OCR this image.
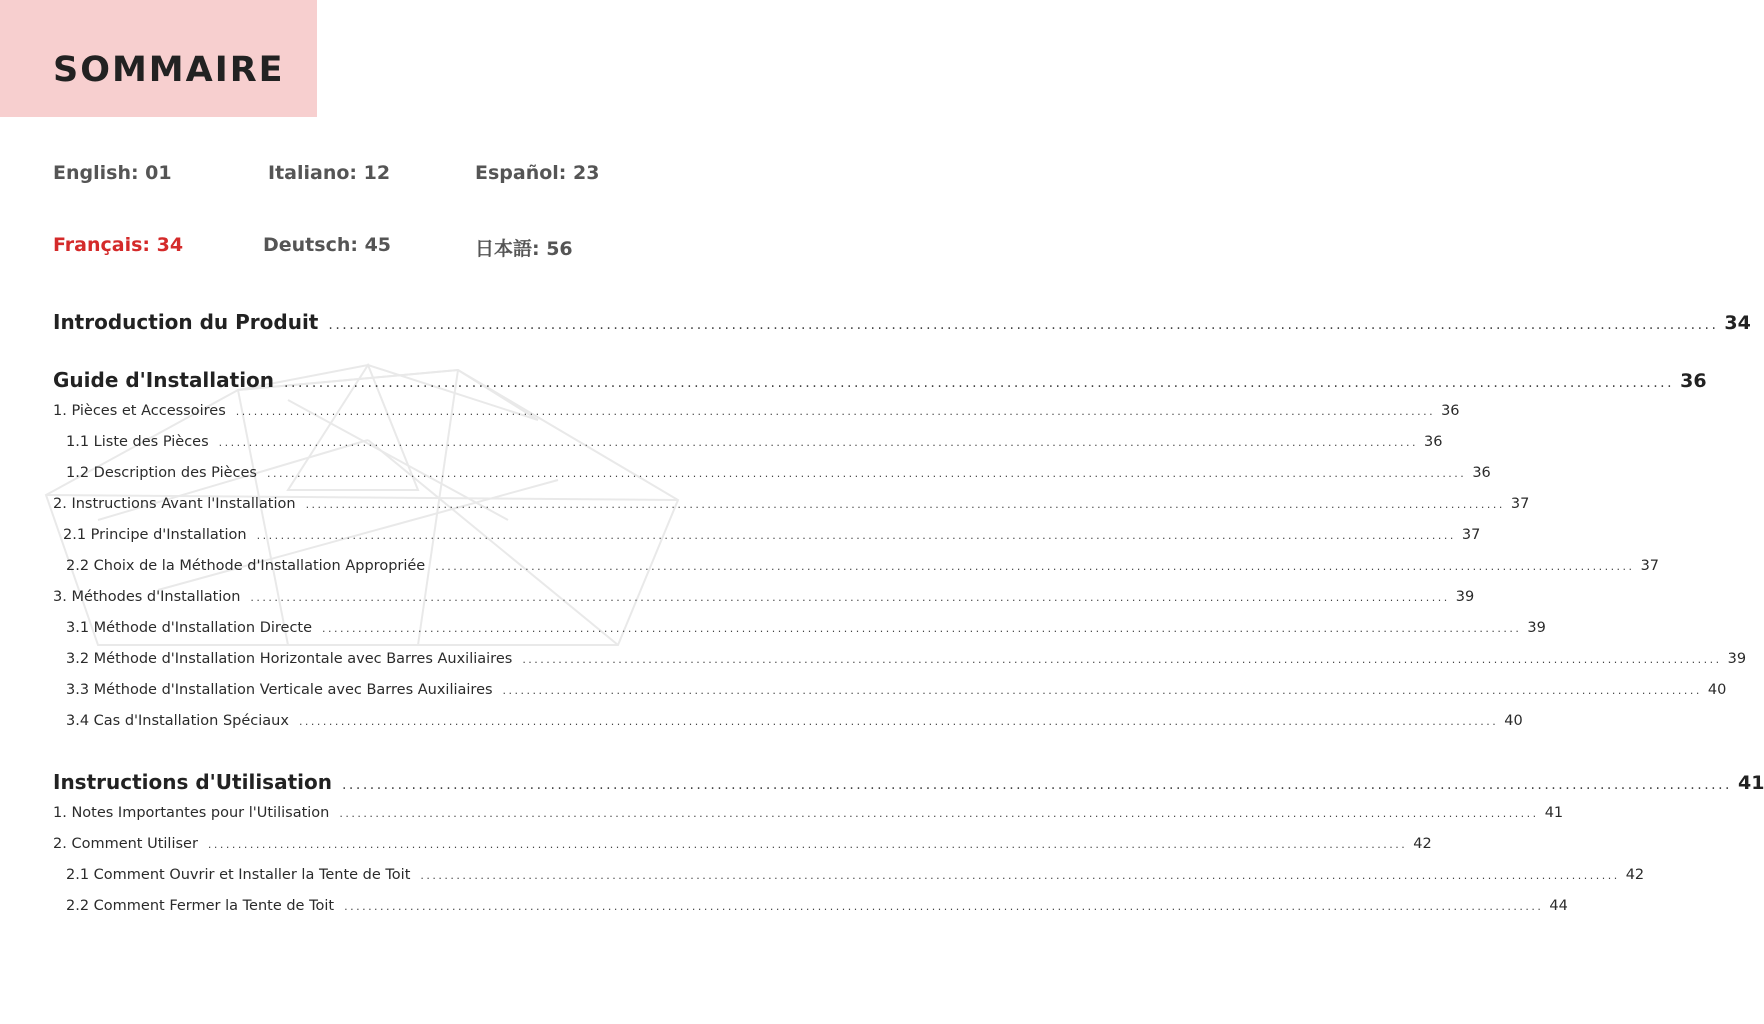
SOMMAIRE
English: 01	Italiano: 12	Español: 23
Français: 34	Deutsch: 45	日本語: 56
Introduction du Produit ........................................................................................................................................................................................................ 34
Guide d'Installation ........................................................................................................................................................................................................ 36
1. Pièces et Accessoires ........................................................................................................................................................................................................ 36
1.1 Liste des Pièces ........................................................................................................................................................................................................ 36
1.2 Description des Pièces ........................................................................................................................................................................................................ 36
2. Instructions Avant l'Installation ........................................................................................................................................................................................................ 37
2.1 Principe d'Installation ........................................................................................................................................................................................................ 37
2.2 Choix de la Méthode d'Installation Appropriée ........................................................................................................................................................................................................ 37
3. Méthodes d'Installation ........................................................................................................................................................................................................ 39
3.1 Méthode d'Installation Directe ........................................................................................................................................................................................................ 39
3.2 Méthode d'Installation Horizontale avec Barres Auxiliaires ........................................................................................................................................................................................................ 39
3.3 Méthode d'Installation Verticale avec Barres Auxiliaires ........................................................................................................................................................................................................ 40
3.4 Cas d'Installation Spéciaux ........................................................................................................................................................................................................ 40
Instructions d'Utilisation ........................................................................................................................................................................................................ 41
1. Notes Importantes pour l'Utilisation ........................................................................................................................................................................................................ 41
2. Comment Utiliser ........................................................................................................................................................................................................ 42
2.1 Comment Ouvrir et Installer la Tente de Toit ........................................................................................................................................................................................................ 42
2.2 Comment Fermer la Tente de Toit ........................................................................................................................................................................................................ 44
